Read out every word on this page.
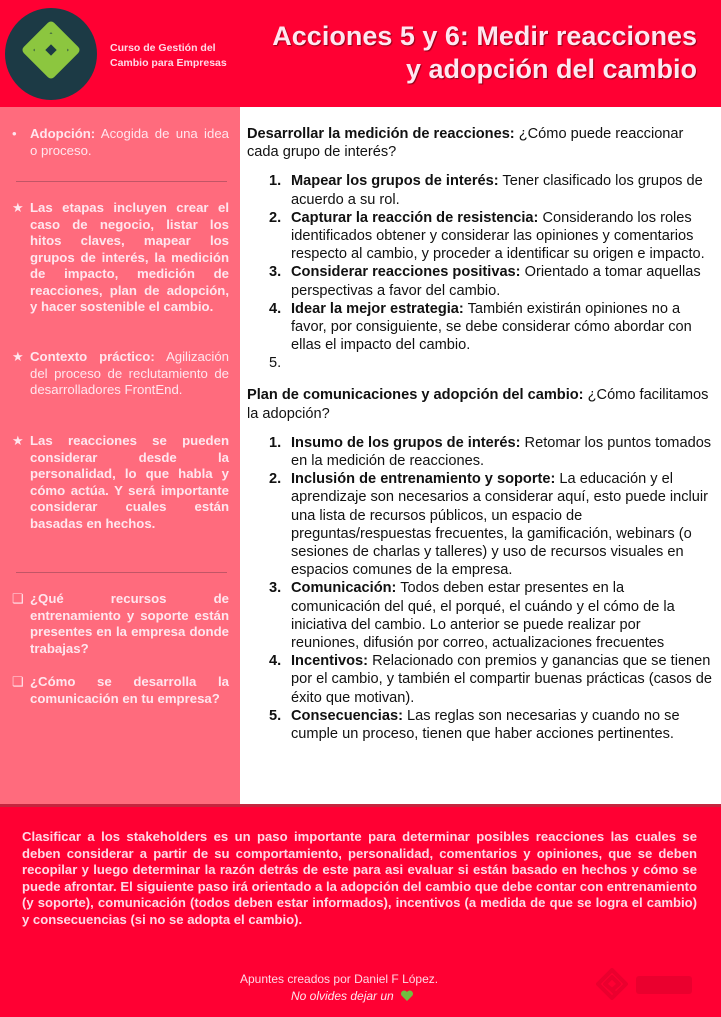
Curso de Gestión del
Cambio para Empresas
Acciones 5 y 6: Medir reacciones
y adopción del cambio
•	Adopción: Acogida de una idea o proceso.
★ Las etapas incluyen crear el caso de negocio, listar los hitos claves, mapear los grupos de interés, la medición de impacto, medición de reacciones, plan de adopción, y hacer sostenible el cambio.
★ Contexto práctico: Agilización del proceso de reclutamiento de desarrolladores FrontEnd.
★ Las reacciones se pueden considerar desde la personalidad, lo que habla y cómo actúa. Y será importante considerar cuales están basadas en hechos.
❏ ¿Qué recursos de entrenamiento y soporte están presentes en la empresa donde trabajas?
❏ ¿Cómo se desarrolla la comunicación en tu empresa?
Desarrollar la medición de reacciones: ¿Cómo puede reaccionar cada grupo de interés?
1. Mapear los grupos de interés: Tener clasificado los grupos de acuerdo a su rol.
2. Capturar la reacción de resistencia: Considerando los roles identificados obtener y considerar las opiniones y comentarios respecto al cambio, y proceder a identificar su origen e impacto.
3. Considerar reacciones positivas: Orientado a tomar aquellas perspectivas a favor del cambio.
4. Idear la mejor estrategia: También existirán opiniones no a favor, por consiguiente, se debe considerar cómo abordar con ellas el impacto del cambio.
5.
Plan de comunicaciones y adopción del cambio: ¿Cómo facilitamos la adopción?
1. Insumo de los grupos de interés: Retomar los puntos tomados en la medición de reacciones.
2. Inclusión de entrenamiento y soporte: La educación y el aprendizaje son necesarios a considerar aquí, esto puede incluir una lista de recursos públicos, un espacio de preguntas/respuestas frecuentes, la gamificación, webinars (o sesiones de charlas y talleres) y uso de recursos visuales en espacios comunes de la empresa.
3. Comunicación: Todos deben estar presentes en la comunicación del qué, el porqué, el cuándo y el cómo de la iniciativa del cambio. Lo anterior se puede realizar por reuniones, difusión por correo, actualizaciones frecuentes
4. Incentivos: Relacionado con premios y ganancias que se tienen por el cambio, y también el compartir buenas prácticas (casos de éxito que motivan).
5. Consecuencias: Las reglas son necesarias y cuando no se cumple un proceso, tienen que haber acciones pertinentes.
Clasificar a los stakeholders es un paso importante para determinar posibles reacciones las cuales se deben considerar a partir de su comportamiento, personalidad, comentarios y opiniones, que se deben recopilar y luego determinar la razón detrás de este para asi evaluar si están basado en hechos y cómo se puede afrontar. El siguiente paso irá orientado a la adopción del cambio que debe contar con entrenamiento (y soporte), comunicación (todos deben estar informados), incentivos (a medida de que se logra el cambio) y consecuencias (si no se adopta el cambio).
Apuntes creados por Daniel F López.
No olvides dejar un
